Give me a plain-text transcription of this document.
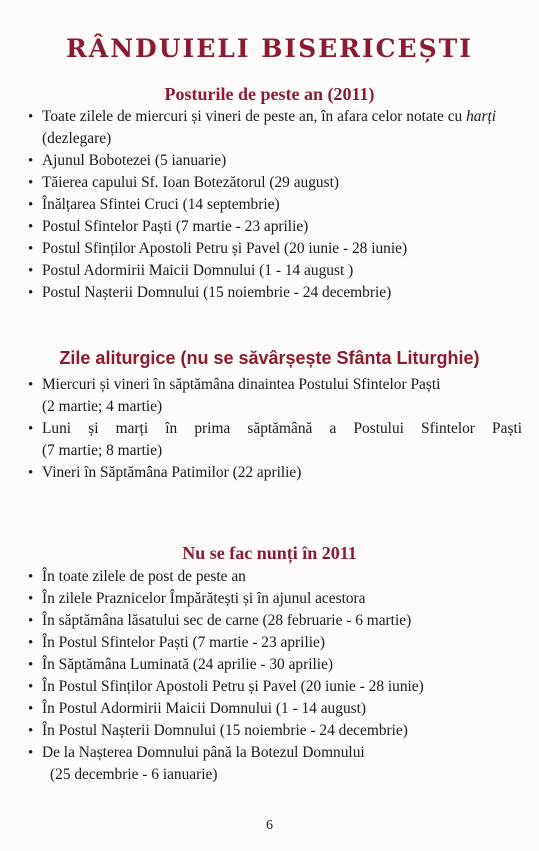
RÂNDUIELI BISERICEȘTI
Posturile de peste an (2011)
• Toate zilele de miercuri și vineri de peste an, în afara celor notate cu harți (dezlegare)
• Ajunul Bobotezei (5 ianuarie)
• Tăierea capului Sf. Ioan Botezătorul (29 august)
• Înălțarea Sfintei Cruci (14 septembrie)
• Postul Sfintelor Paști (7 martie - 23 aprilie)
• Postul Sfinților Apostoli Petru și Pavel (20 iunie - 28 iunie)
• Postul Adormirii Maicii Domnului (1 - 14 august )
• Postul Nașterii Domnului (15 noiembrie - 24 decembrie)
Zile aliturgice (nu se săvârșește Sfânta Liturghie)
• Miercuri și vineri în săptămâna dinaintea Postului Sfintelor Paști
(2 martie; 4 martie)
• Luni și marți în prima săptămână a Postului Sfintelor Paști
(7 martie; 8 martie)
• Vineri în Săptămâna Patimilor (22 aprilie)
Nu se fac nunți în 2011
• În toate zilele de post de peste an
• În zilele Praznicelor Împărătești și în ajunul acestora
• În săptămâna lăsatului sec de carne (28 februarie - 6 martie)
• În Postul Sfintelor Paști (7 martie - 23 aprilie)
• În Săptămâna Luminată (24 aprilie - 30 aprilie)
• În Postul Sfinților Apostoli Petru și Pavel (20 iunie - 28 iunie)
• În Postul Adormirii Maicii Domnului (1 - 14 august)
• În Postul Nașterii Domnului (15 noiembrie - 24 decembrie)
• De la Nașterea Domnului până la Botezul Domnului

(25 decembrie - 6 ianuarie)
6
